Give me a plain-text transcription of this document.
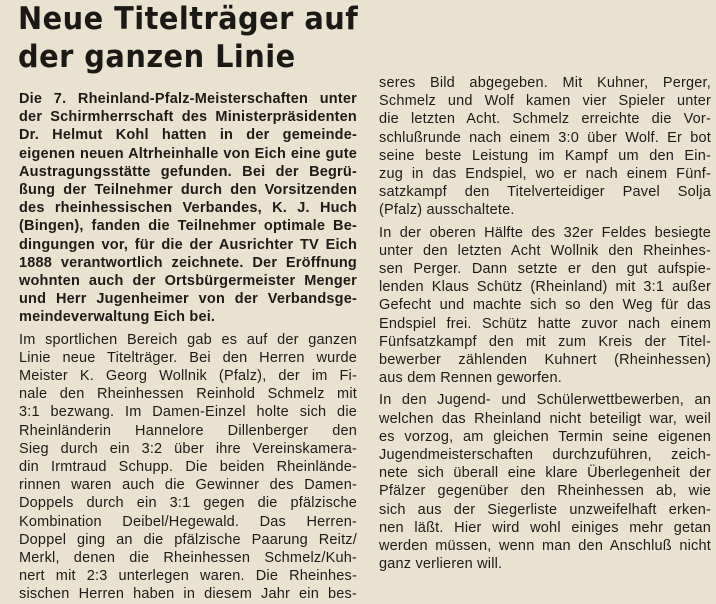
Neue Titelträger auf
der ganzen Linie
Die 7. Rheinland-Pfalz-Meisterschaften unter
der Schirmherrschaft des Ministerpräsidenten
Dr. Helmut Kohl hatten in der gemeinde-
eigenen neuen Altrheinhalle von Eich eine gute
Austragungsstätte gefunden. Bei der Begrü-
ßung der Teilnehmer durch den Vorsitzenden
des rheinhessischen Verbandes, K. J. Huch
(Bingen), fanden die Teilnehmer optimale Be-
dingungen vor, für die der Ausrichter TV Eich
1888 verantwortlich zeichnete. Der Eröffnung
wohnten auch der Ortsbürgermeister Menger
und Herr Jugenheimer von der Verbandsge-
meindeverwaltung Eich bei.
Im sportlichen Bereich gab es auf der ganzen
Linie neue Titelträger. Bei den Herren wurde
Meister K. Georg Wollnik (Pfalz), der im Fi-
nale den Rheinhessen Reinhold Schmelz mit
3:1 bezwang. Im Damen-Einzel holte sich die
Rheinländerin Hannelore Dillenberger den
Sieg durch ein 3:2 über ihre Vereinskamera-
din Irmtraud Schupp. Die beiden Rheinlände-
rinnen waren auch die Gewinner des Damen-
Doppels durch ein 3:1 gegen die pfälzische
Kombination Deibel/Hegewald. Das Herren-
Doppel ging an die pfälzische Paarung Reitz/
Merkl, denen die Rheinhessen Schmelz/Kuh-
nert mit 2:3 unterlegen waren. Die Rheinhes-
sischen Herren haben in diesem Jahr ein bes-
seres Bild abgegeben. Mit Kuhner, Perger,
Schmelz und Wolf kamen vier Spieler unter
die letzten Acht. Schmelz erreichte die Vor-
schlußrunde nach einem 3:0 über Wolf. Er bot
seine beste Leistung im Kampf um den Ein-
zug in das Endspiel, wo er nach einem Fünf-
satzkampf den Titelverteidiger Pavel Solja
(Pfalz) ausschaltete.
In der oberen Hälfte des 32er Feldes besiegte
unter den letzten Acht Wollnik den Rheinhes-
sen Perger. Dann setzte er den gut aufspie-
lenden Klaus Schütz (Rheinland) mit 3:1 außer
Gefecht und machte sich so den Weg für das
Endspiel frei. Schütz hatte zuvor nach einem
Fünfsatzkampf den mit zum Kreis der Titel-
bewerber zählenden Kuhnert (Rheinhessen)
aus dem Rennen geworfen.
In den Jugend- und Schülerwettbewerben, an
welchen das Rheinland nicht beteiligt war, weil
es vorzog, am gleichen Termin seine eigenen
Jugendmeisterschaften durchzuführen, zeich-
nete sich überall eine klare Überlegenheit der
Pfälzer gegenüber den Rheinhessen ab, wie
sich aus der Siegerliste unzweifelhaft erken-
nen läßt. Hier wird wohl einiges mehr getan
werden müssen, wenn man den Anschluß nicht
ganz verlieren will.
